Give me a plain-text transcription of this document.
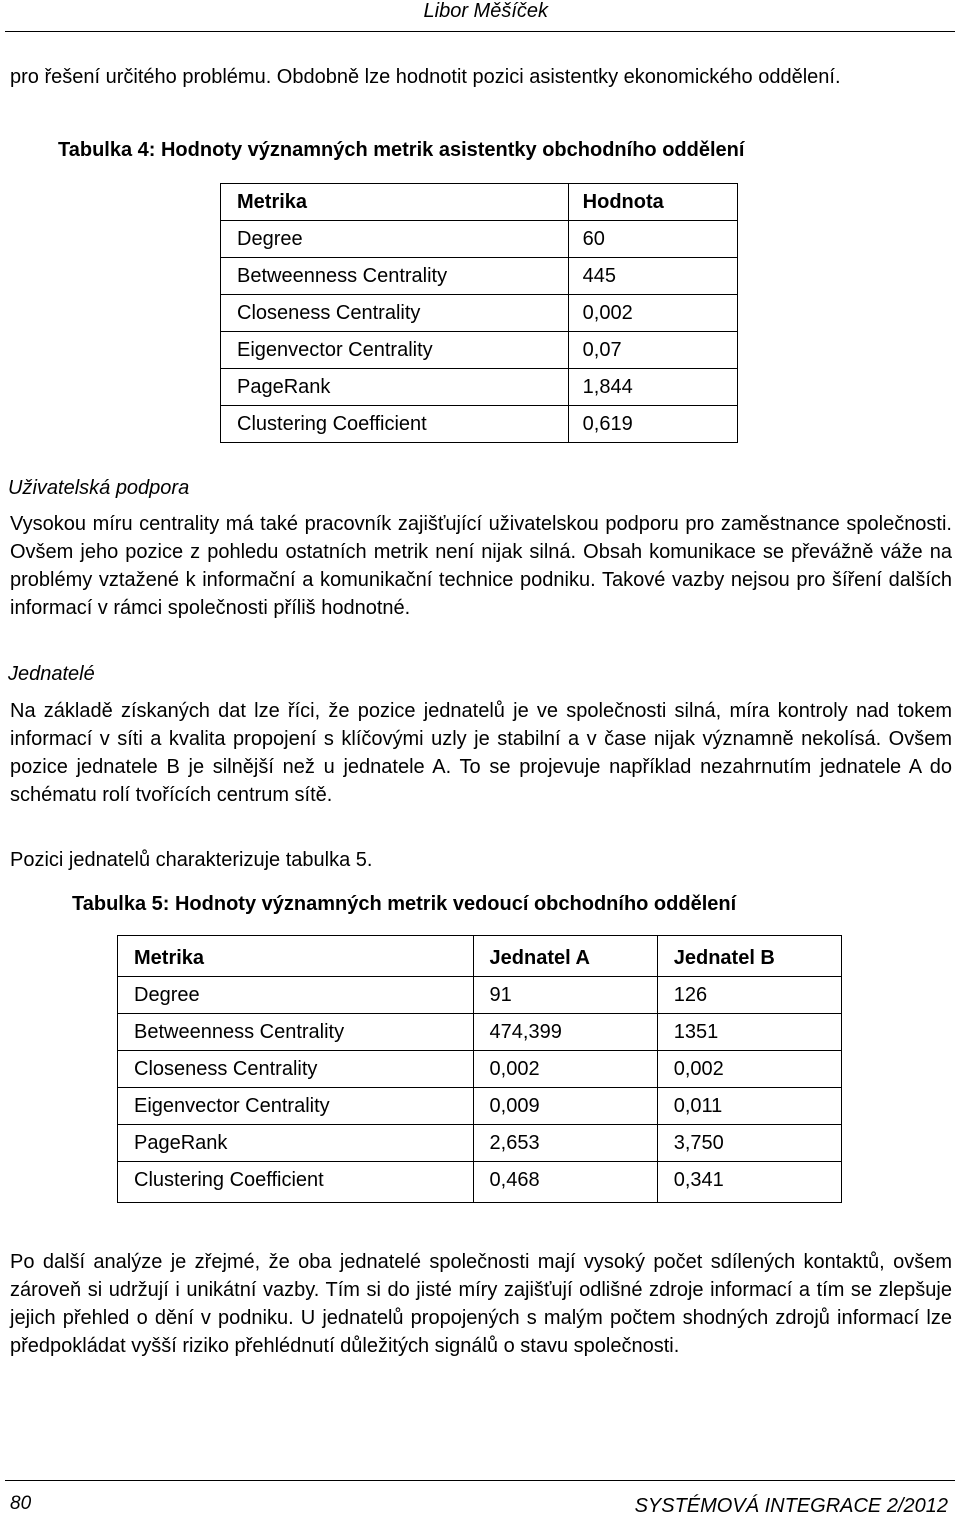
Libor Měšíček
pro řešení určitého problému. Obdobně lze hodnotit pozici asistentky ekonomického oddělení.
Tabulka 4: Hodnoty významných metrik asistentky obchodního oddělení
Metrika	Hodnota
Degree	60
Betweenness Centrality	445
Closeness Centrality	0,002
Eigenvector Centrality	0,07
PageRank	1,844
Clustering Coefficient	0,619
Uživatelská podpora
Vysokou míru centrality má také pracovník zajišťující uživatelskou podporu pro zaměstnance společnosti. Ovšem jeho pozice z pohledu ostatních metrik není nijak silná. Obsah komunikace se převážně váže na problémy vztažené k informační a komunikační technice podniku. Takové vazby nejsou pro šíření dalších informací v rámci společnosti příliš hodnotné.
Jednatelé
Na základě získaných dat lze říci, že pozice jednatelů je ve společnosti silná, míra kontroly nad tokem informací v síti a kvalita propojení s klíčovými uzly je stabilní a v čase nijak významně nekolísá. Ovšem pozice jednatele B je silnější než u jednatele A. To se projevuje například nezahrnutím jednatele A do schématu rolí tvořících centrum sítě.
Pozici jednatelů charakterizuje tabulka 5.
Tabulka 5: Hodnoty významných metrik vedoucí obchodního oddělení
Metrika	Jednatel A	Jednatel B
Degree	91	126
Betweenness Centrality	474,399	1351
Closeness Centrality	0,002	0,002
Eigenvector Centrality	0,009	0,011
PageRank	2,653	3,750
Clustering Coefficient	0,468	0,341
Po další analýze je zřejmé, že oba jednatelé společnosti mají vysoký počet sdílených kontaktů, ovšem zároveň si udržují i unikátní vazby. Tím si do jisté míry zajišťují odlišné zdroje informací a tím se zlepšuje jejich přehled o dění v podniku. U jednatelů propojených s malým počtem shodných zdrojů informací lze předpokládat vyšší riziko přehlédnutí důležitých signálů o stavu společnosti.
80	SYSTÉMOVÁ INTEGRACE 2/2012
